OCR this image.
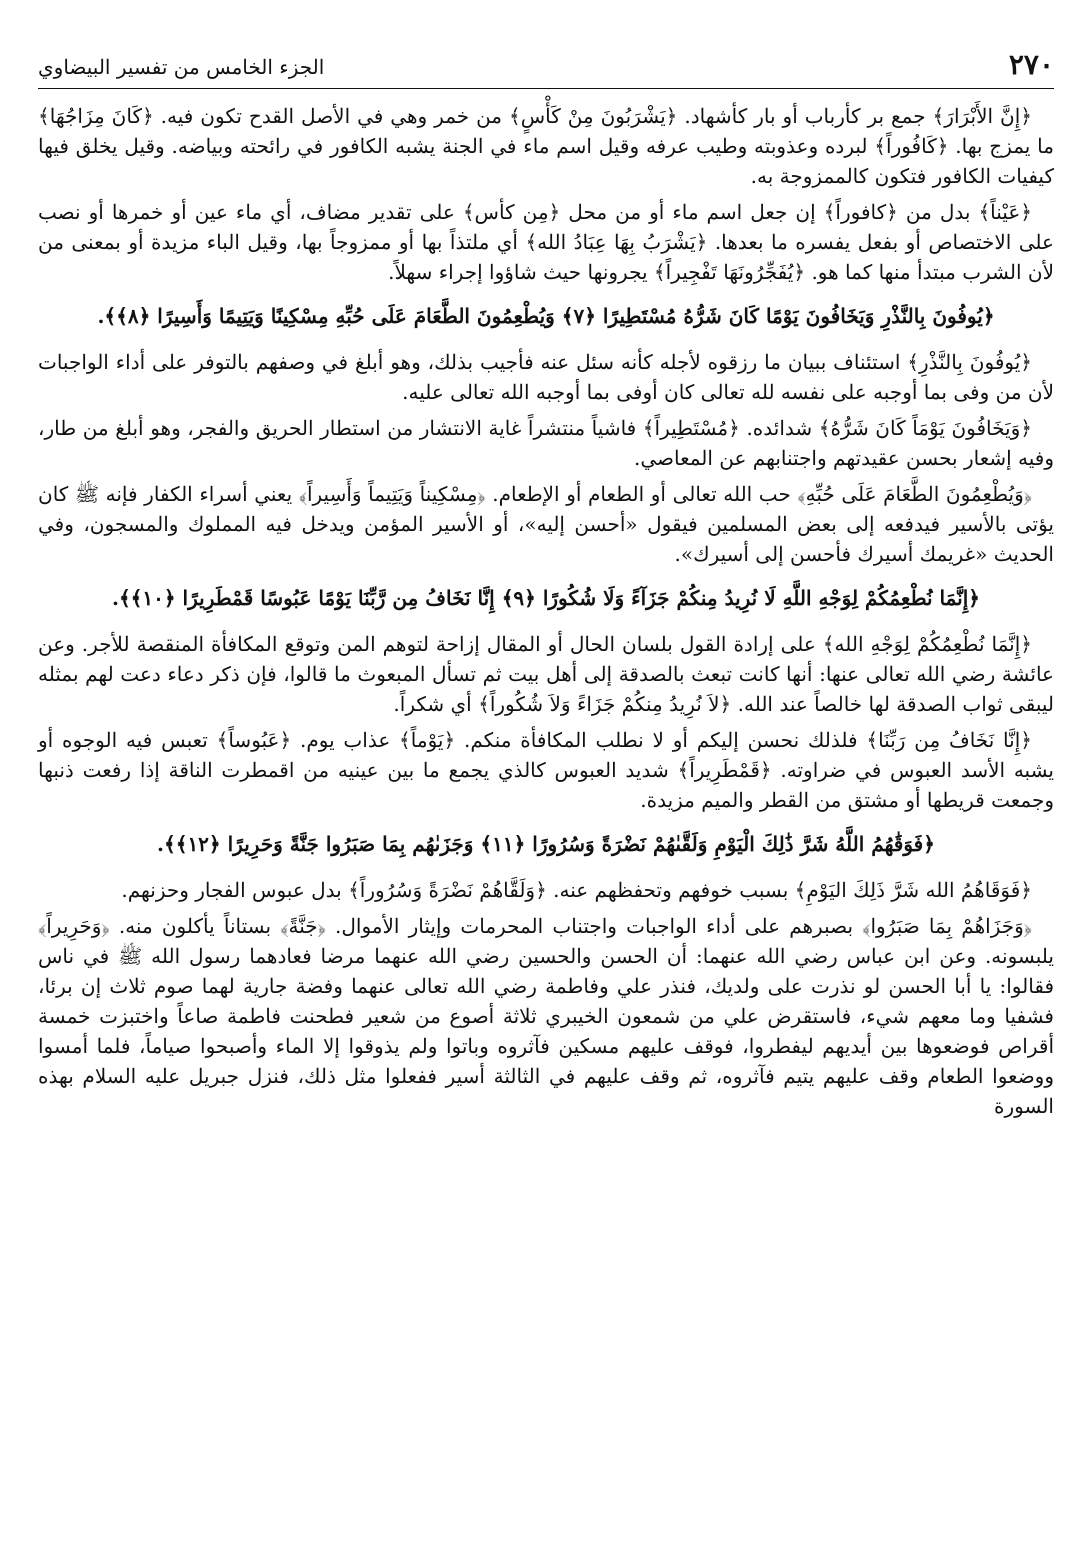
٢٧٠
الجزء الخامس من تفسير البيضاوي

﴿إِنَّ الأَبْرَارَ﴾ جمع بر كأرباب أو بار كأشهاد. ﴿يَشْرَبُونَ مِنْ كَأْسٍ﴾ من خمر وهي في الأصل القدح تكون فيه. ﴿كَانَ مِزَاجُهَا﴾ ما يمزج بها. ﴿كَافُوراً﴾ لبرده وعذوبته وطيب عرفه وقيل اسم ماء في الجنة يشبه الكافور في رائحته وبياضه. وقيل يخلق فيها كيفيات الكافور فتكون كالممزوجة به.

﴿عَيْناً﴾ بدل من ﴿كافوراً﴾ إن جعل اسم ماء أو من محل ﴿مِن كأس﴾ على تقدير مضاف، أي ماء عين أو خمرها أو نصب على الاختصاص أو بفعل يفسره ما بعدها. ﴿يَشْرَبُ بِهَا عِبَادُ الله﴾ أي ملتذاً بها أو ممزوجاً بها، وقيل الباء مزيدة أو بمعنى من لأن الشرب مبتدأ منها كما هو. ﴿يُفَجِّرُونَهَا تَفْجِيراً﴾ يجرونها حيث شاؤوا إجراء سهلاً.

﴿يُوفُونَ بِالنَّذْرِ وَيَخَافُونَ يَوْمًا كَانَ شَرُّهُ مُسْتَطِيرًا ﴿٧﴾ وَيُطْعِمُونَ الطَّعَامَ عَلَى حُبِّهِ مِسْكِينًا وَيَتِيمًا وَأَسِيرًا ﴿٨﴾﴾.

﴿يُوفُونَ بِالنَّذْرِ﴾ استئناف ببيان ما رزقوه لأجله كأنه سئل عنه فأجيب بذلك، وهو أبلغ في وصفهم بالتوفر على أداء الواجبات لأن من وفى بما أوجبه على نفسه لله تعالى كان أوفى بما أوجبه الله تعالى عليه.

﴿وَيَخَافُونَ يَوْمَاً كَانَ شَرُّهُ﴾ شدائده. ﴿مُسْتَطِيراً﴾ فاشياً منتشراً غاية الانتشار من استطار الحريق والفجر، وهو أبلغ من طار، وفيه إشعار بحسن عقيدتهم واجتنابهم عن المعاصي.

﴿وَيُطْعِمُونَ الطَّعَامَ عَلَى حُبِّهِ﴾ حب الله تعالى أو الطعام أو الإطعام. ﴿مِسْكِيناً وَيَتِيماً وَأَسِيراً﴾ يعني أسراء الكفار فإنه ﷺ كان يؤتى بالأسير فيدفعه إلى بعض المسلمين فيقول «أحسن إليه»، أو الأسير المؤمن ويدخل فيه المملوك والمسجون، وفي الحديث «غريمك أسيرك فأحسن إلى أسيرك».

﴿إِنَّمَا نُطْعِمُكُمْ لِوَجْهِ اللَّهِ لَا نُرِيدُ مِنكُمْ جَزَآءً وَلَا شُكُورًا ﴿٩﴾ إِنَّا نَخَافُ مِن رَّبِّنَا يَوْمًا عَبُوسًا قَمْطَرِيرًا ﴿١٠﴾﴾.

﴿إِنَّمَا نُطْعِمُكُمْ لِوَجْهِ الله﴾ على إرادة القول بلسان الحال أو المقال إزاحة لتوهم المن وتوقع المكافأة المنقصة للأجر. وعن عائشة رضي الله تعالى عنها: أنها كانت تبعث بالصدقة إلى أهل بيت ثم تسأل المبعوث ما قالوا، فإن ذكر دعاء دعت لهم بمثله ليبقى ثواب الصدقة لها خالصاً عند الله. ﴿لاَ نُرِيدُ مِنكُمْ جَزَاءً وَلاَ شُكُوراً﴾ أي شكراً.

﴿إِنَّا نَخَافُ مِن رَبِّنَا﴾ فلذلك نحسن إليكم أو لا نطلب المكافأة منكم. ﴿يَوْماً﴾ عذاب يوم. ﴿عَبُوساً﴾ تعبس فيه الوجوه أو يشبه الأسد العبوس في ضراوته. ﴿قَمْطَرِيراً﴾ شديد العبوس كالذي يجمع ما بين عينيه من اقمطرت الناقة إذا رفعت ذنبها وجمعت قريطها أو مشتق من القطر والميم مزيدة.

﴿فَوَقَٰهُمُ اللَّهُ شَرَّ ذَٰلِكَ الْيَوْمِ وَلَقَّىٰهُمْ نَضْرَةً وَسُرُورًا ﴿١١﴾ وَجَزَىٰهُم بِمَا صَبَرُوا جَنَّةً وَحَرِيرًا ﴿١٢﴾﴾.

﴿فَوَقَاهُمُ الله شَرَّ ذَلِكَ اليَوْمِ﴾ بسبب خوفهم وتحفظهم عنه. ﴿وَلَقَّاهُمْ نَضْرَةً وَسُرُوراً﴾ بدل عبوس الفجار وحزنهم.

﴿وَجَزَاهُمْ بِمَا صَبَرُوا﴾ بصبرهم على أداء الواجبات واجتناب المحرمات وإيثار الأموال. ﴿جَنَّةً﴾ بستاناً يأكلون منه. ﴿وَحَرِيراً﴾ يلبسونه. وعن ابن عباس رضي الله عنهما: أن الحسن والحسين رضي الله عنهما مرضا فعادهما رسول الله ﷺ في ناس فقالوا: يا أبا الحسن لو نذرت على ولديك، فنذر علي وفاطمة رضي الله تعالى عنهما وفضة جارية لهما صوم ثلاث إن برئا، فشفيا وما معهم شيء، فاستقرض علي من شمعون الخيبري ثلاثة أصوع من شعير فطحنت فاطمة صاعاً واختبزت خمسة أقراص فوضعوها بين أيديهم ليفطروا، فوقف عليهم مسكين فآثروه وباتوا ولم يذوقوا إلا الماء وأصبحوا صياماً، فلما أمسوا ووضعوا الطعام وقف عليهم يتيم فآثروه، ثم وقف عليهم في الثالثة أسير ففعلوا مثل ذلك، فنزل جبريل عليه السلام بهذه السورة
